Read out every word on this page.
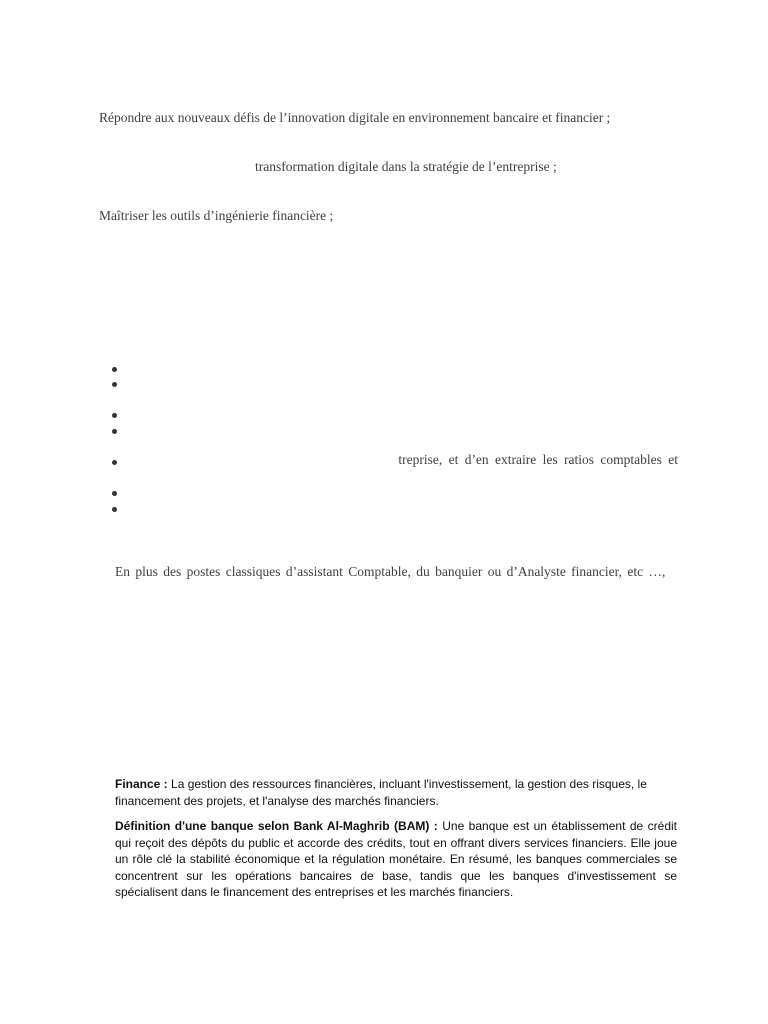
Répondre aux nouveaux défis de l’innovation digitale en environnement bancaire et financier ;

transformation digitale dans la stratégie de l’entreprise ;

Maîtriser les outils d’ingénierie financière ;

treprise, et d’en extraire les ratios comptables et

En plus des postes classiques d’assistant Comptable, du banquier ou d’Analyste financier, etc …,

Finance : La gestion des ressources financières, incluant l'investissement, la gestion des risques, le financement des projets, et l'analyse des marchés financiers.

Définition d'une banque selon Bank Al-Maghrib (BAM) : Une banque est un établissement de crédit qui reçoit des dépôts du public et accorde des crédits, tout en offrant divers services financiers. Elle joue un rôle clé la stabilité économique et la régulation monétaire. En résumé, les banques commerciales se concentrent sur les opérations bancaires de base, tandis que les banques d'investissement se spécialisent dans le financement des entreprises et les marchés financiers.
